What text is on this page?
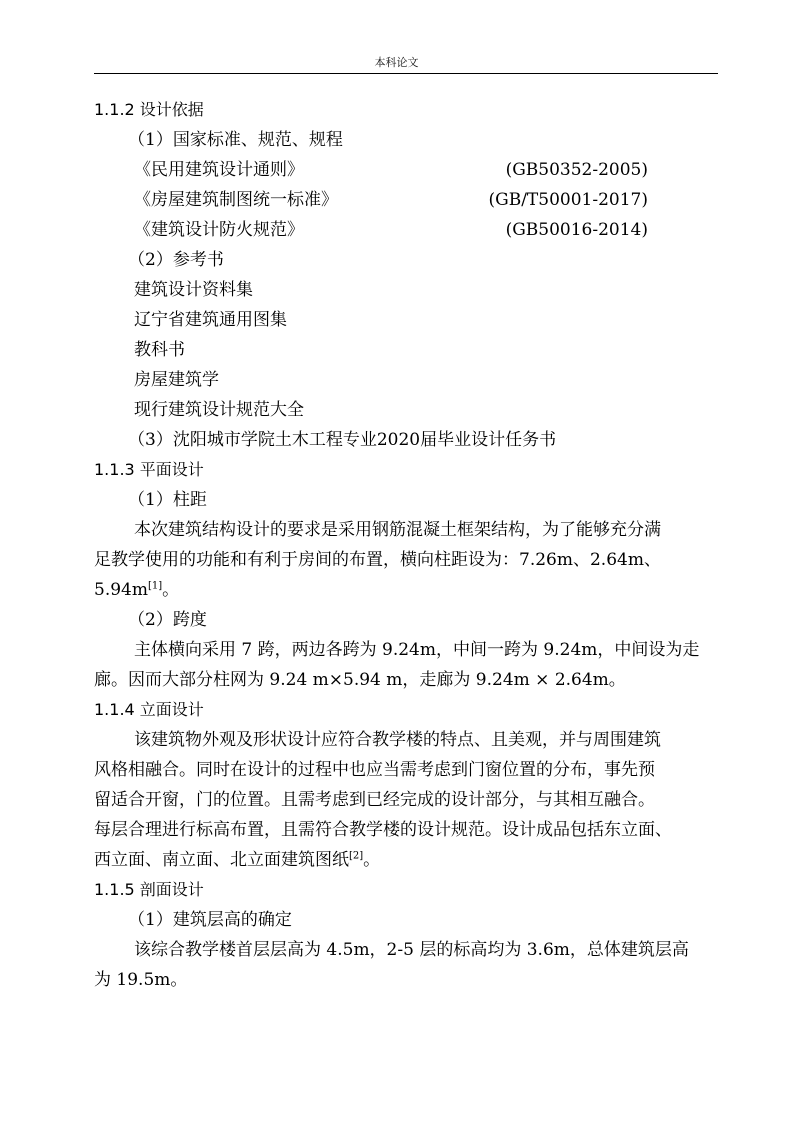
本科论文
1.1.2 设计依据
（1）国家标准、规范、规程
《民用建筑设计通则》	(GB50352-2005)
《房屋建筑制图统一标准》	(GB/T50001-2017)
《建筑设计防火规范》	(GB50016-2014)
（2）参考书
建筑设计资料集
辽宁省建筑通用图集
教科书
房屋建筑学
现行建筑设计规范大全
（3）沈阳城市学院土木工程专业2020届毕业设计任务书
1.1.3 平面设计
（1）柱距
本次建筑结构设计的要求是采用钢筋混凝土框架结构，为了能够充分满
足教学使用的功能和有利于房间的布置，横向柱距设为：7.26m、2.64m、
5.94m[1]。
（2）跨度
主体横向采用 7 跨，两边各跨为 9.24m，中间一跨为 9.24m，中间设为走
廊。因而大部分柱网为 9.24 m×5.94 m，走廊为 9.24m × 2.64m。
1.1.4 立面设计
该建筑物外观及形状设计应符合教学楼的特点、且美观，并与周围建筑
风格相融合。同时在设计的过程中也应当需考虑到门窗位置的分布，事先预
留适合开窗，门的位置。且需考虑到已经完成的设计部分，与其相互融合。
每层合理进行标高布置，且需符合教学楼的设计规范。设计成品包括东立面、
西立面、南立面、北立面建筑图纸[2]。
1.1.5 剖面设计
（1）建筑层高的确定
该综合教学楼首层层高为 4.5m，2-5 层的标高均为 3.6m，总体建筑层高
为 19.5m。
